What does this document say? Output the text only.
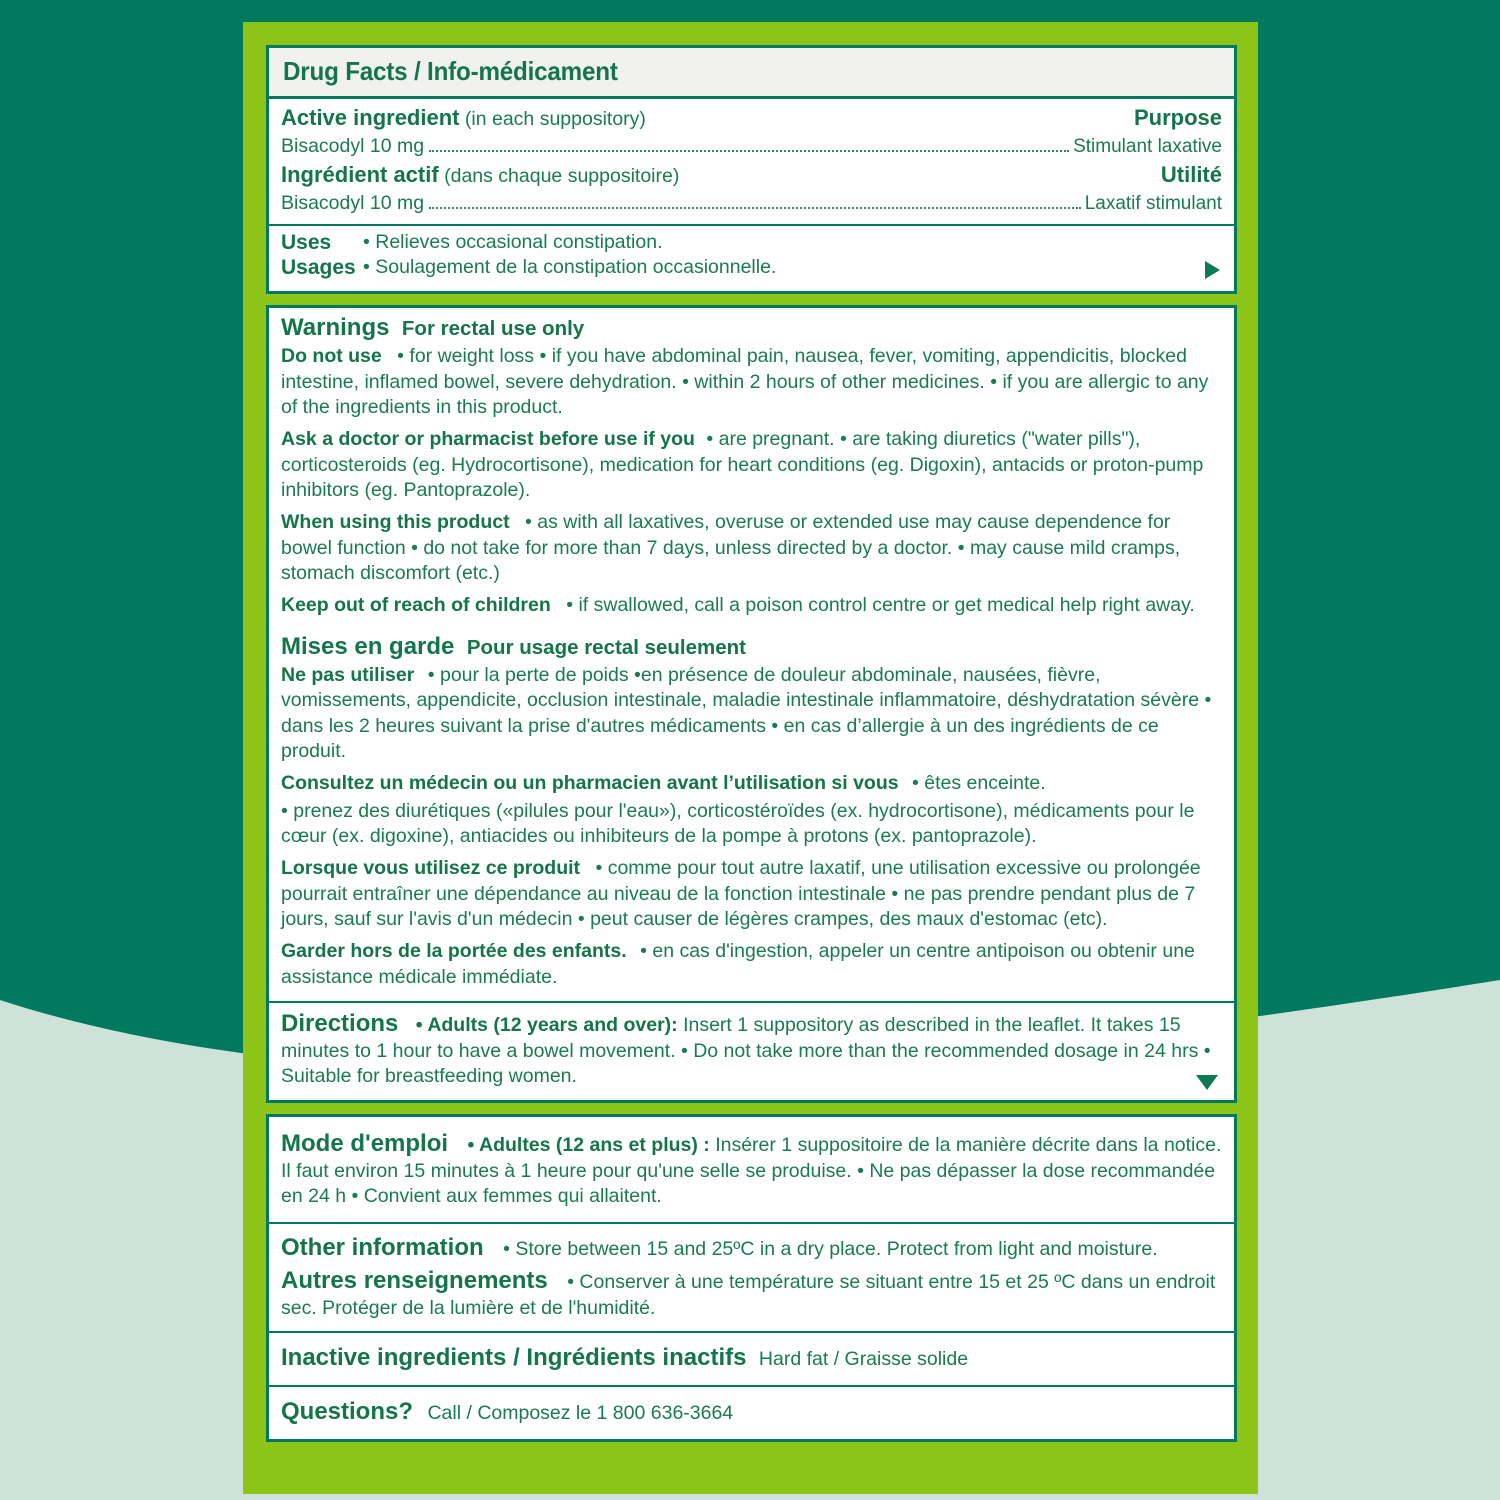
Drug Facts / Info-médicament
Active ingredient (in each suppository)	Purpose
Bisacodyl 10 mg	Stimulant laxative
Ingrédient actif (dans chaque suppositoire)	Utilité
Bisacodyl 10 mg	Laxatif stimulant
Uses	• Relieves occasional constipation.
Usages • Soulagement de la constipation occasionnelle.

Warnings For rectal use only

Do not use • for weight loss • if you have abdominal pain, nausea, fever, vomiting, appendicitis, blocked intestine, inflamed bowel, severe dehydration. • within 2 hours of other medicines. • if you are allergic to any of the ingredients in this product.

Ask a doctor or pharmacist before use if you • are pregnant. • are taking diuretics ("water pills"), corticosteroids (eg. Hydrocortisone), medication for heart conditions (eg. Digoxin), antacids or proton-pump inhibitors (eg. Pantoprazole).

When using this product • as with all laxatives, overuse or extended use may cause dependence for bowel function • do not take for more than 7 days, unless directed by a doctor. • may cause mild cramps, stomach discomfort (etc.)

Keep out of reach of children • if swallowed, call a poison control centre or get medical help right away.

Mises en garde Pour usage rectal seulement

Ne pas utiliser • pour la perte de poids •en présence de douleur abdominale, nausées, fièvre, vomissements, appendicite, occlusion intestinale, maladie intestinale inflammatoire, déshydratation sévère • dans les 2 heures suivant la prise d'autres médicaments • en cas d’allergie à un des ingrédients de ce produit.

Consultez un médecin ou un pharmacien avant l’utilisation si vous • êtes enceinte.

• prenez des diurétiques («pilules pour l'eau»), corticostéroïdes (ex. hydrocortisone), médicaments pour le cœur (ex. digoxine), antiacides ou inhibiteurs de la pompe à protons (ex. pantoprazole).

Lorsque vous utilisez ce produit • comme pour tout autre laxatif, une utilisation excessive ou prolongée pourrait entraîner une dépendance au niveau de la fonction intestinale • ne pas prendre pendant plus de 7 jours, sauf sur l'avis d'un médecin • peut causer de légères crampes, des maux d'estomac (etc).

Garder hors de la portée des enfants. • en cas d'ingestion, appeler un centre antipoison ou obtenir une assistance médicale immédiate.

Directions • Adults (12 years and over): Insert 1 suppository as described in the leaflet. It takes 15 minutes to 1 hour to have a bowel movement. • Do not take more than the recommended dosage in 24 hrs • Suitable for breastfeeding women.

Mode d'emploi • Adultes (12 ans et plus) : Insérer 1 suppositoire de la manière décrite dans la notice. Il faut environ 15 minutes à 1 heure pour qu'une selle se produise. • Ne pas dépasser la dose recommandée en 24 h • Convient aux femmes qui allaitent.

Other information • Store between 15 and 25ºC in a dry place. Protect from light and moisture.

Autres renseignements • Conserver à une température se situant entre 15 et 25 ºC dans un endroit sec. Protéger de la lumière et de l'humidité.

Inactive ingredients / Ingrédients inactifs Hard fat / Graisse solide
Questions? Call / Composez le 1 800 636-3664
